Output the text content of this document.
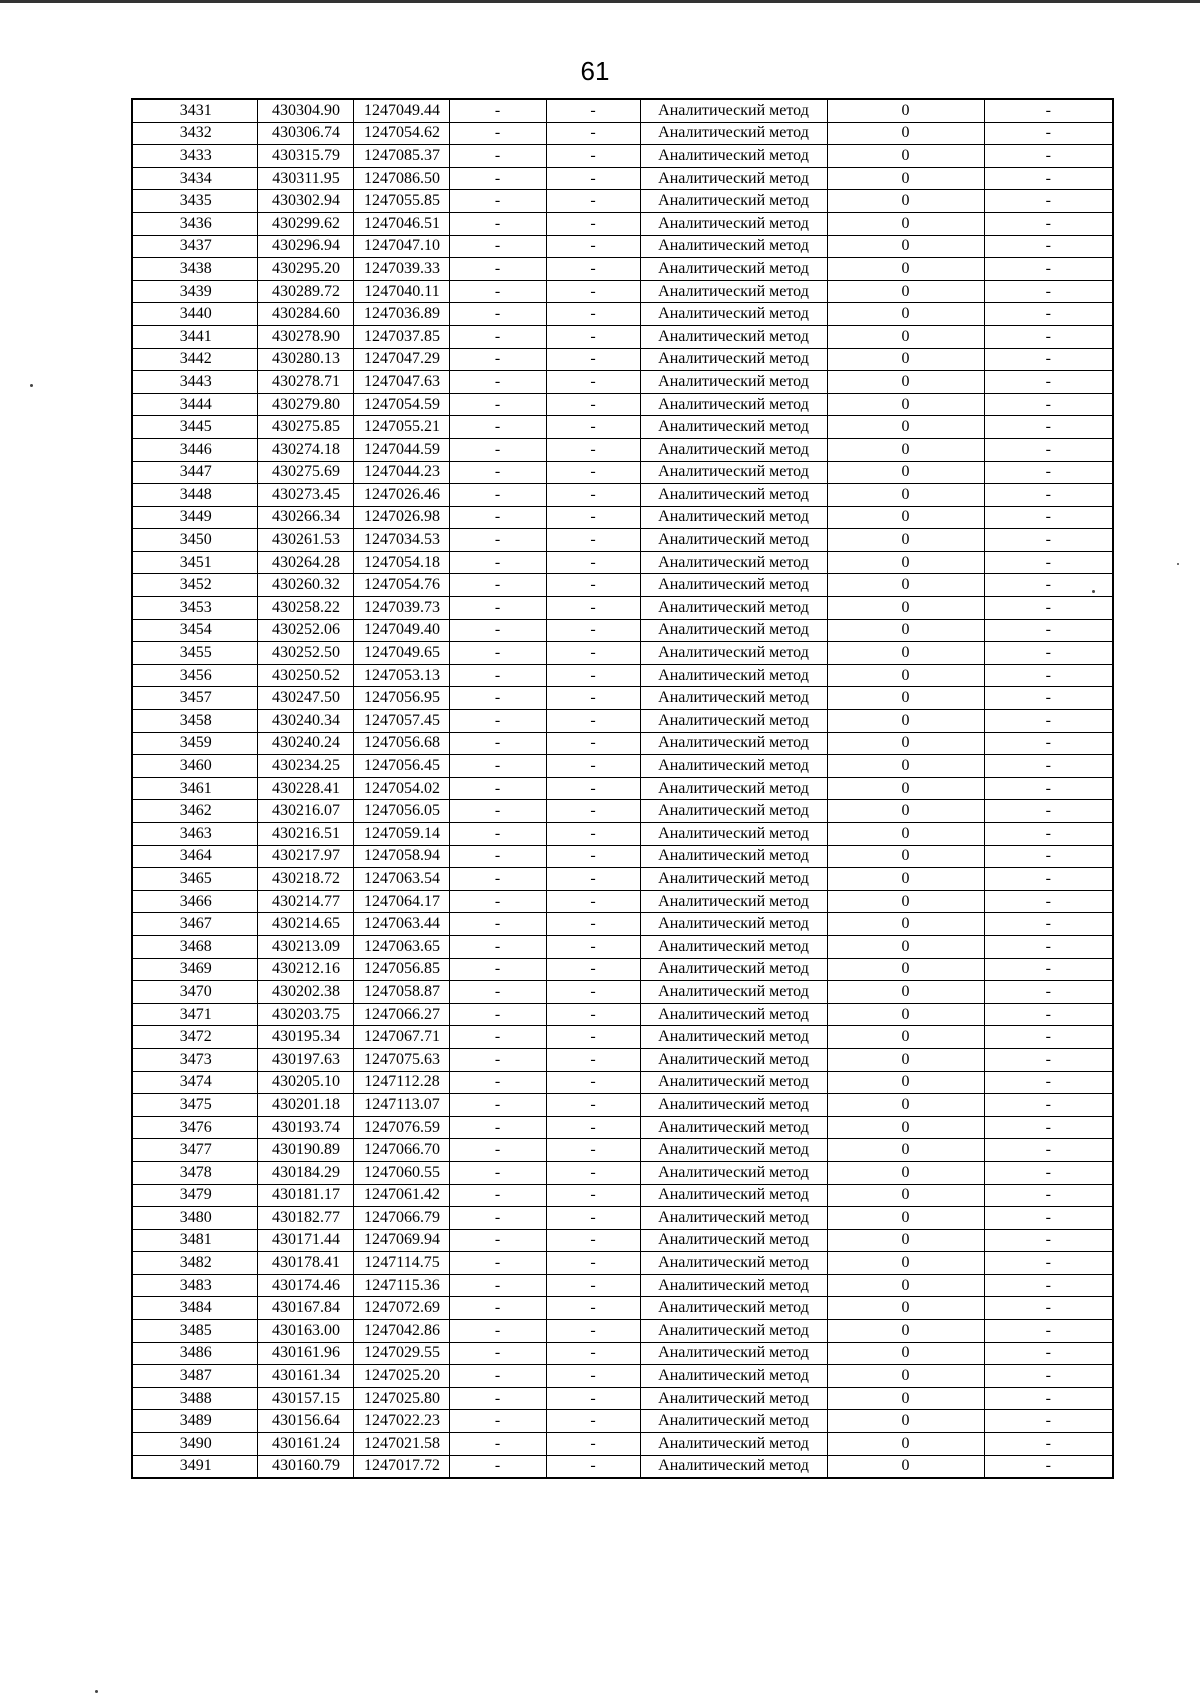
61
3431	430304.90	1247049.44	-	-	Аналитический метод	0	-
3432	430306.74	1247054.62	-	-	Аналитический метод	0	-
3433	430315.79	1247085.37	-	-	Аналитический метод	0	-
3434	430311.95	1247086.50	-	-	Аналитический метод	0	-
3435	430302.94	1247055.85	-	-	Аналитический метод	0	-
3436	430299.62	1247046.51	-	-	Аналитический метод	0	-
3437	430296.94	1247047.10	-	-	Аналитический метод	0	-
3438	430295.20	1247039.33	-	-	Аналитический метод	0	-
3439	430289.72	1247040.11	-	-	Аналитический метод	0	-
3440	430284.60	1247036.89	-	-	Аналитический метод	0	-
3441	430278.90	1247037.85	-	-	Аналитический метод	0	-
3442	430280.13	1247047.29	-	-	Аналитический метод	0	-
3443	430278.71	1247047.63	-	-	Аналитический метод	0	-
3444	430279.80	1247054.59	-	-	Аналитический метод	0	-
3445	430275.85	1247055.21	-	-	Аналитический метод	0	-
3446	430274.18	1247044.59	-	-	Аналитический метод	0	-
3447	430275.69	1247044.23	-	-	Аналитический метод	0	-
3448	430273.45	1247026.46	-	-	Аналитический метод	0	-
3449	430266.34	1247026.98	-	-	Аналитический метод	0	-
3450	430261.53	1247034.53	-	-	Аналитический метод	0	-
3451	430264.28	1247054.18	-	-	Аналитический метод	0	-
3452	430260.32	1247054.76	-	-	Аналитический метод	0	-
3453	430258.22	1247039.73	-	-	Аналитический метод	0	-
3454	430252.06	1247049.40	-	-	Аналитический метод	0	-
3455	430252.50	1247049.65	-	-	Аналитический метод	0	-
3456	430250.52	1247053.13	-	-	Аналитический метод	0	-
3457	430247.50	1247056.95	-	-	Аналитический метод	0	-
3458	430240.34	1247057.45	-	-	Аналитический метод	0	-
3459	430240.24	1247056.68	-	-	Аналитический метод	0	-
3460	430234.25	1247056.45	-	-	Аналитический метод	0	-
3461	430228.41	1247054.02	-	-	Аналитический метод	0	-
3462	430216.07	1247056.05	-	-	Аналитический метод	0	-
3463	430216.51	1247059.14	-	-	Аналитический метод	0	-
3464	430217.97	1247058.94	-	-	Аналитический метод	0	-
3465	430218.72	1247063.54	-	-	Аналитический метод	0	-
3466	430214.77	1247064.17	-	-	Аналитический метод	0	-
3467	430214.65	1247063.44	-	-	Аналитический метод	0	-
3468	430213.09	1247063.65	-	-	Аналитический метод	0	-
3469	430212.16	1247056.85	-	-	Аналитический метод	0	-
3470	430202.38	1247058.87	-	-	Аналитический метод	0	-
3471	430203.75	1247066.27	-	-	Аналитический метод	0	-
3472	430195.34	1247067.71	-	-	Аналитический метод	0	-
3473	430197.63	1247075.63	-	-	Аналитический метод	0	-
3474	430205.10	1247112.28	-	-	Аналитический метод	0	-
3475	430201.18	1247113.07	-	-	Аналитический метод	0	-
3476	430193.74	1247076.59	-	-	Аналитический метод	0	-
3477	430190.89	1247066.70	-	-	Аналитический метод	0	-
3478	430184.29	1247060.55	-	-	Аналитический метод	0	-
3479	430181.17	1247061.42	-	-	Аналитический метод	0	-
3480	430182.77	1247066.79	-	-	Аналитический метод	0	-
3481	430171.44	1247069.94	-	-	Аналитический метод	0	-
3482	430178.41	1247114.75	-	-	Аналитический метод	0	-
3483	430174.46	1247115.36	-	-	Аналитический метод	0	-
3484	430167.84	1247072.69	-	-	Аналитический метод	0	-
3485	430163.00	1247042.86	-	-	Аналитический метод	0	-
3486	430161.96	1247029.55	-	-	Аналитический метод	0	-
3487	430161.34	1247025.20	-	-	Аналитический метод	0	-
3488	430157.15	1247025.80	-	-	Аналитический метод	0	-
3489	430156.64	1247022.23	-	-	Аналитический метод	0	-
3490	430161.24	1247021.58	-	-	Аналитический метод	0	-
3491	430160.79	1247017.72	-	-	Аналитический метод	0	-
